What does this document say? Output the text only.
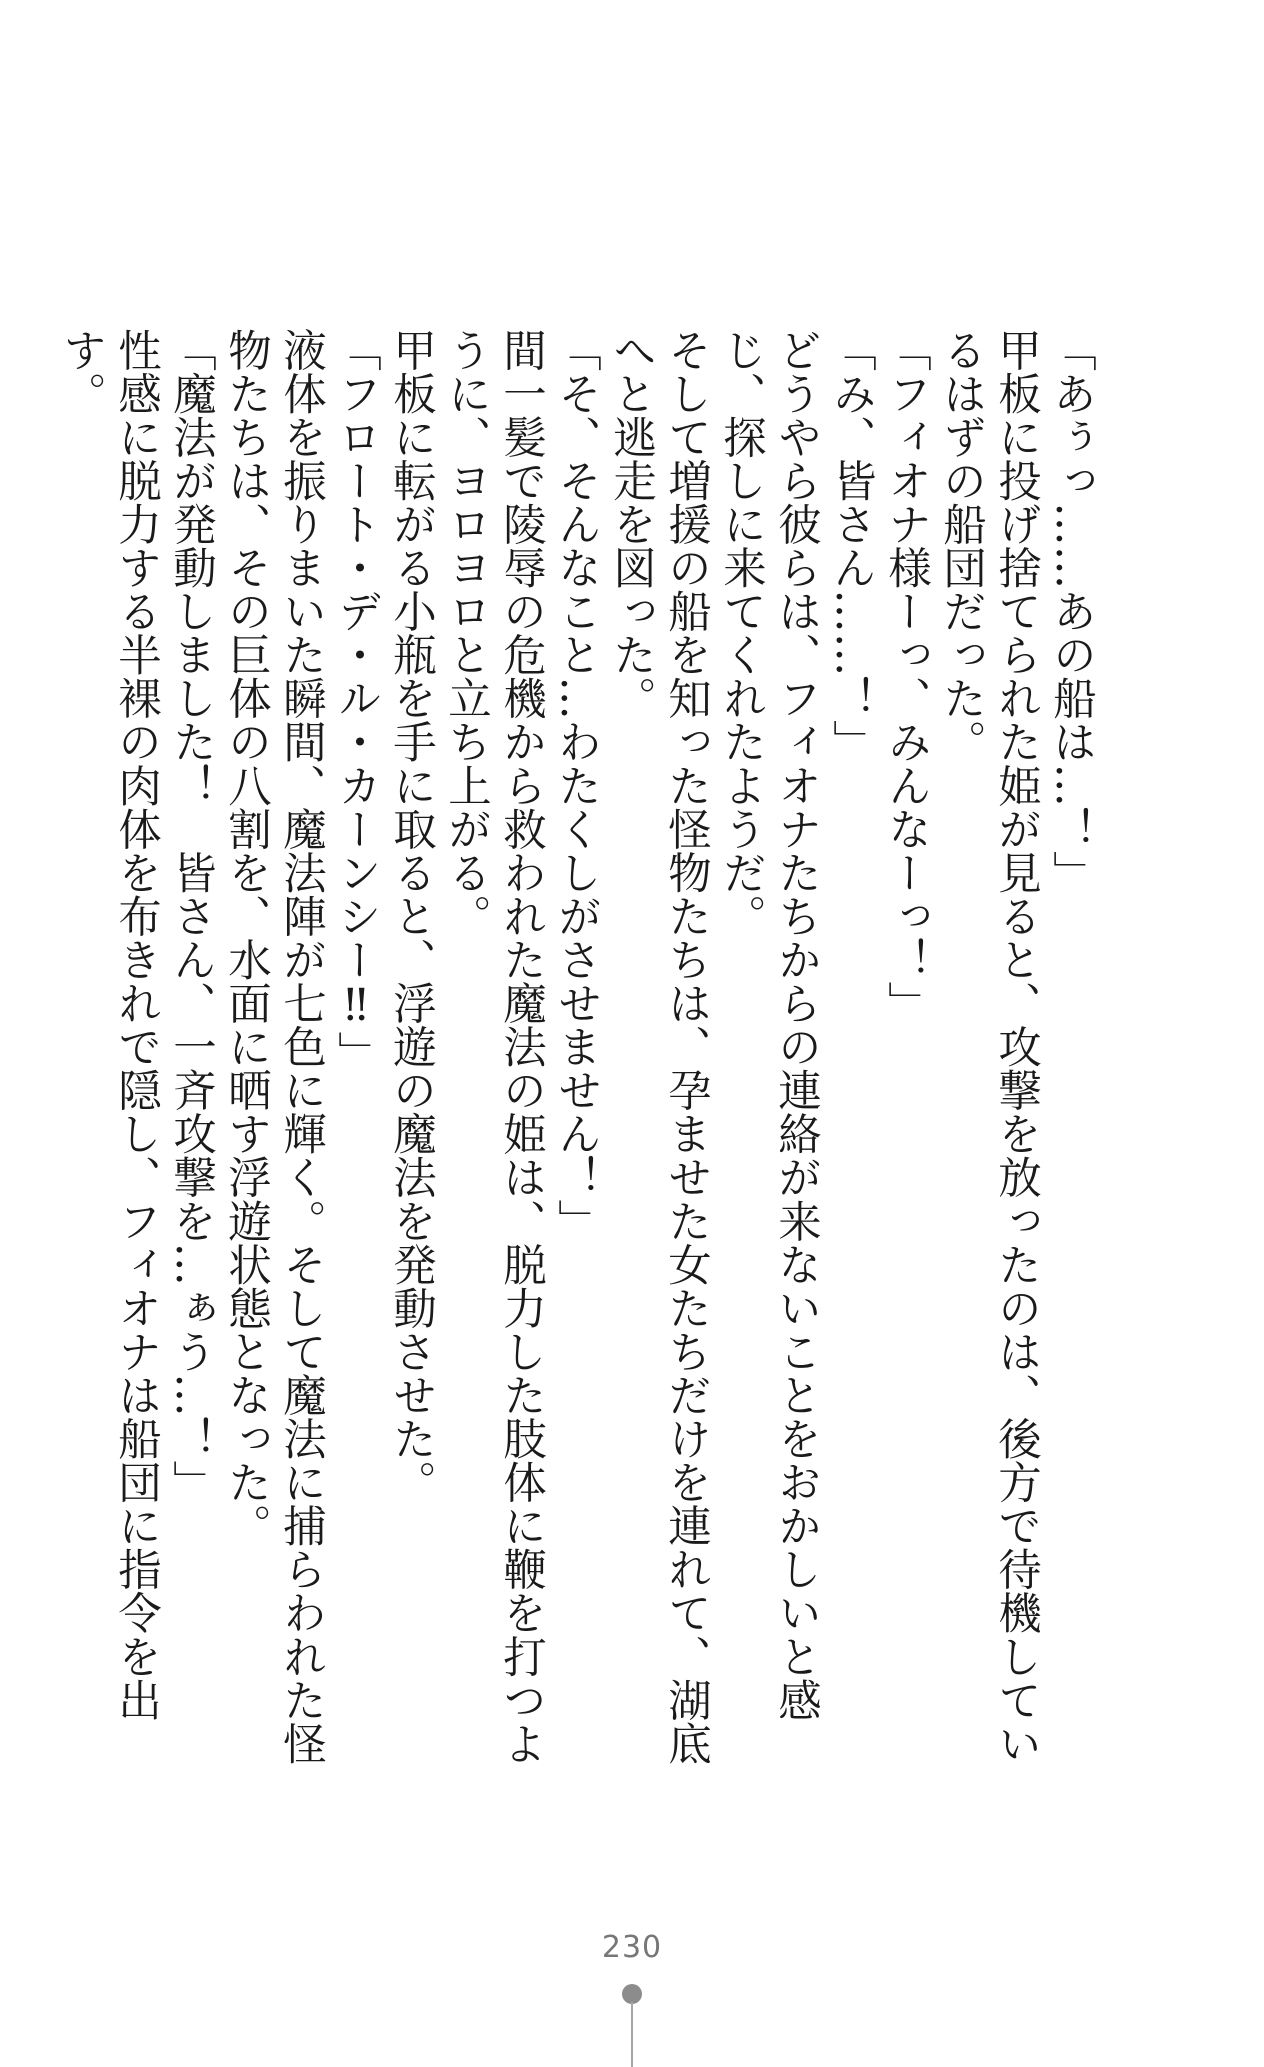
「あぅっ……あの船は…！」

甲板に投げ捨てられた姫が見ると、攻撃を放ったのは、後方で待機しているはずの船団だった。

「フィオナ様ーっ、みんなーっ！」

「み、皆さん……！」

どうやら彼らは、フィオナたちからの連絡が来ないことをおかしいと感じ、探しに来てくれたようだ。

そして増援の船を知った怪物たちは、孕ませた女たちだけを連れて、湖底へと逃走を図った。

「そ、そんなこと…わたくしがさせません！」

間一髪で陵辱の危機から救われた魔法の姫は、脱力した肢体に鞭を打つように、ヨロヨロと立ち上がる。

甲板に転がる小瓶を手に取ると、浮遊の魔法を発動させた。

「フロート・デ・ル・カーンシー‼」

液体を振りまいた瞬間、魔法陣が七色に輝く。そして魔法に捕らわれた怪物たちは、その巨体の八割を、水面に晒す浮遊状態となった。

「魔法が発動しました！　皆さん、一斉攻撃を…ぁう…！」

性感に脱力する半裸の肉体を布きれで隠し、フィオナは船団に指令を出す。

230
